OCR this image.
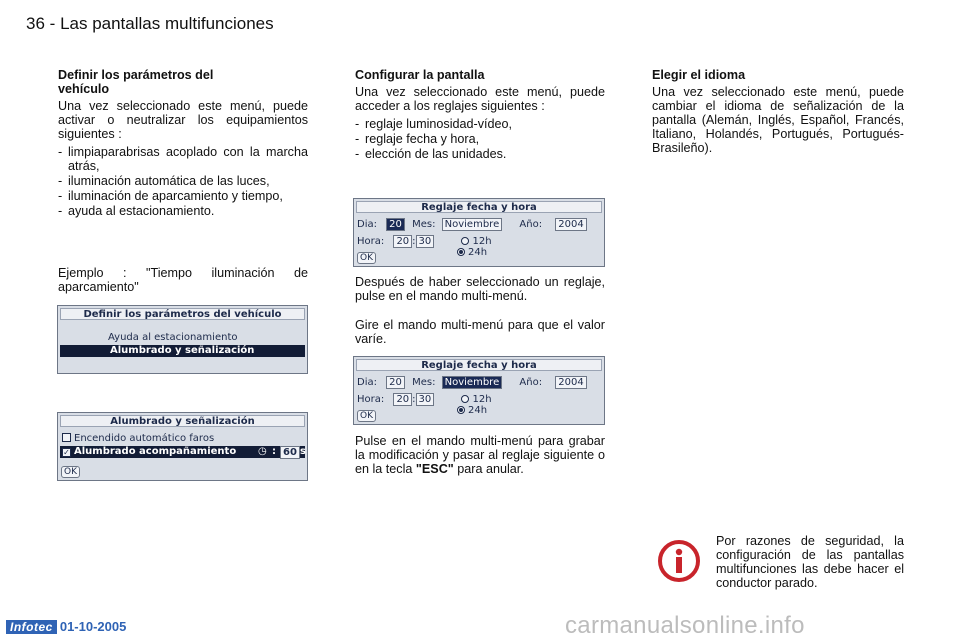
36 - Las pantallas multifunciones
Definir los parámetros del vehículo

Una vez seleccionado este menú, puede activar o neutralizar los equipamientos siguientes :

- limpiaparabrisas acoplado con la marcha atrás,
- iluminación automática de las luces,
- iluminación de aparcamiento y tiempo,
- ayuda al estacionamiento.

Ejemplo : "Tiempo iluminación de aparcamiento"

Definir los parámetros del vehículo
Ayuda al estacionamiento
Alumbrado y señalización
Alumbrado y señalización
Encendido automático faros
✓ Alumbrado acompañamiento ◷ : 60 s
OK
Configurar la pantalla

Una vez seleccionado este menú, puede acceder a los reglajes siguientes :

- reglaje luminosidad-vídeo,
- reglaje fecha y hora,
- elección de las unidades.
Reglaje fecha y hora
Dia: 20 Mes: Noviembre Año: 2004
Hora: 20 : 30	12h
24h
OK

Después de haber seleccionado un reglaje, pulse en el mando multi-menú.

Gire el mando multi-menú para que el valor varíe.

Reglaje fecha y hora
Dia: 20 Mes: Noviembre Año: 2004
Hora: 20 : 30	12h
24h
OK

Pulse en el mando multi-menú para grabar la modificación y pasar al reglaje siguiente o en la tecla "ESC" para anular.

Elegir el idioma

Una vez seleccionado este menú, puede cambiar el idioma de señalización de la pantalla (Alemán, Inglés, Español, Francés, Italiano, Holandés, Portugués, Portugués-Brasileño).

Por razones de seguridad, la configuración de las pantallas multifunciones las debe hacer el conductor parado.

Infotec 01-10-2005	carmanualsonline.info
